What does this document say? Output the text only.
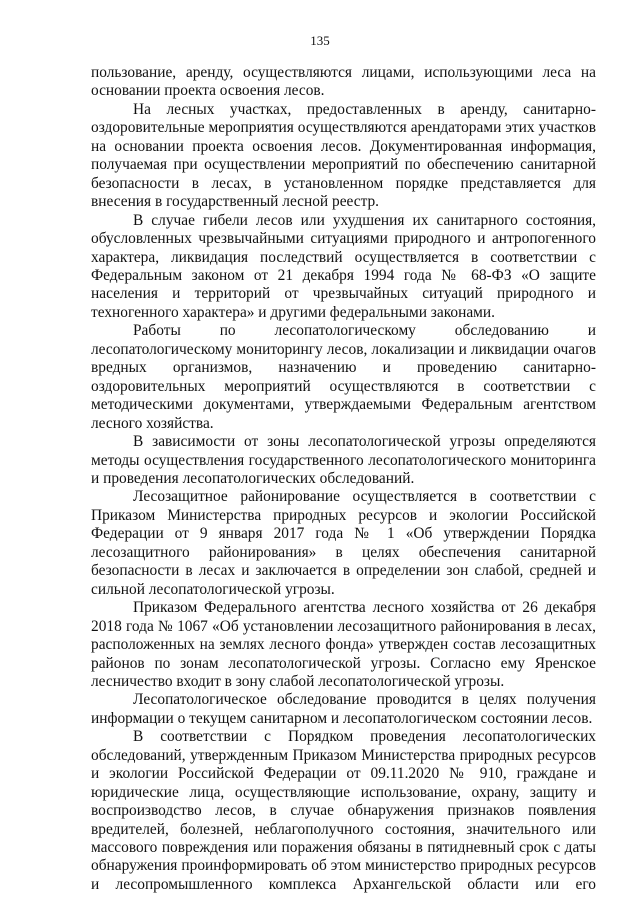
135

пользование, аренду, осуществляются лицами, использующими леса на основании проекта освоения лесов.

На лесных участках, предоставленных в аренду, санитарно-оздоровительные мероприятия осуществляются арендаторами этих участков на основании проекта освоения лесов. Документированная информация, получаемая при осуществлении мероприятий по обеспечению санитарной безопасности в лесах, в установленном порядке представляется для внесения в государственный лесной реестр.

В случае гибели лесов или ухудшения их санитарного состояния, обусловленных чрезвычайными ситуациями природного и антропогенного характера, ликвидация последствий осуществляется в соответствии с Федеральным законом от 21 декабря 1994 года № 68-ФЗ «О защите населения и территорий от чрезвычайных ситуаций природного и техногенного характера» и другими федеральными законами.

Работы по лесопатологическому обследованию и лесопатологическому мониторингу лесов, локализации и ликвидации очагов вредных организмов, назначению и проведению санитарно-оздоровительных мероприятий осуществляются в соответствии с методическими документами, утверждаемыми Федеральным агентством лесного хозяйства.

В зависимости от зоны лесопатологической угрозы определяются методы осуществления государственного лесопатологического мониторинга и проведения лесопатологических обследований.

Лесозащитное районирование осуществляется в соответствии с Приказом Министерства природных ресурсов и экологии Российской Федерации от 9 января 2017 года № 1 «Об утверждении Порядка лесозащитного районирования» в целях обеспечения санитарной безопасности в лесах и заключается в определении зон слабой, средней и сильной лесопатологической угрозы.

Приказом Федерального агентства лесного хозяйства от 26 декабря 2018 года № 1067 «Об установлении лесозащитного районирования в лесах, расположенных на землях лесного фонда» утвержден состав лесозащитных районов по зонам лесопатологической угрозы. Согласно ему Яренское лесничество входит в зону слабой лесопатологической угрозы.

Лесопатологическое обследование проводится в целях получения информации о текущем санитарном и лесопатологическом состоянии лесов.

В соответствии с Порядком проведения лесопатологических обследований, утвержденным Приказом Министерства природных ресурсов и экологии Российской Федерации от 09.11.2020 № 910, граждане и юридические лица, осуществляющие использование, охрану, защиту и воспроизводство лесов, в случае обнаружения признаков появления вредителей, болезней, неблагополучного состояния, значительного или массового повреждения или поражения обязаны в пятидневный срок с даты обнаружения проинформировать об этом министерство природных ресурсов и лесопромышленного комплекса Архангельской области или его
